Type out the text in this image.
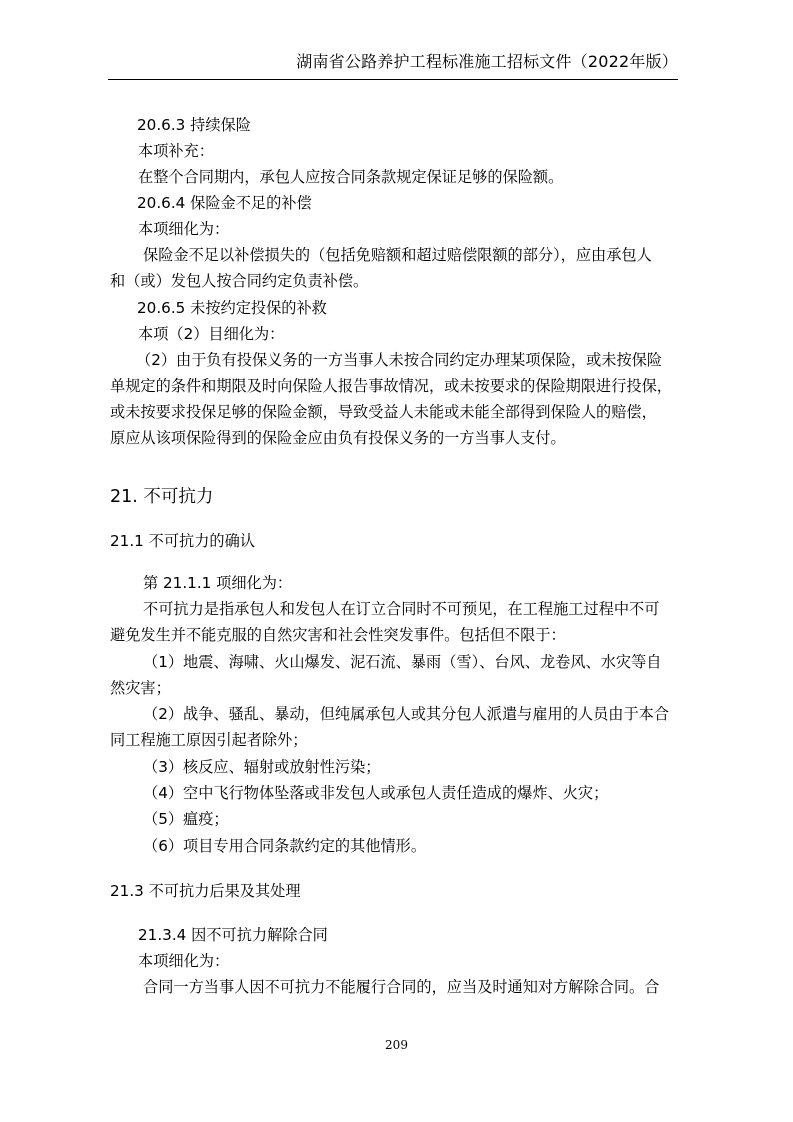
湖南省公路养护工程标准施工招标文件（2022年版）
20.6.3 持续保险
本项补充：
在整个合同期内，承包人应按合同条款规定保证足够的保险额。
20.6.4 保险金不足的补偿
本项细化为：
保险金不足以补偿损失的（包括免赔额和超过赔偿限额的部分），应由承包人
和（或）发包人按合同约定负责补偿。
20.6.5 未按约定投保的补救
本项（2）目细化为：
（2）由于负有投保义务的一方当事人未按合同约定办理某项保险，或未按保险
单规定的条件和期限及时向保险人报告事故情况，或未按要求的保险期限进行投保，
或未按要求投保足够的保险金额，导致受益人未能或未能全部得到保险人的赔偿，
原应从该项保险得到的保险金应由负有投保义务的一方当事人支付。
21. 不可抗力
21.1 不可抗力的确认
第 21.1.1 项细化为：
不可抗力是指承包人和发包人在订立合同时不可预见，在工程施工过程中不可
避免发生并不能克服的自然灾害和社会性突发事件。包括但不限于：
（1）地震、海啸、火山爆发、泥石流、暴雨（雪）、台风、龙卷风、水灾等自
然灾害；
（2）战争、骚乱、暴动，但纯属承包人或其分包人派遣与雇用的人员由于本合
同工程施工原因引起者除外；
（3）核反应、辐射或放射性污染；
（4）空中飞行物体坠落或非发包人或承包人责任造成的爆炸、火灾；
（5）瘟疫；
（6）项目专用合同条款约定的其他情形。
21.3 不可抗力后果及其处理
21.3.4 因不可抗力解除合同
本项细化为：
合同一方当事人因不可抗力不能履行合同的，应当及时通知对方解除合同。合
209
